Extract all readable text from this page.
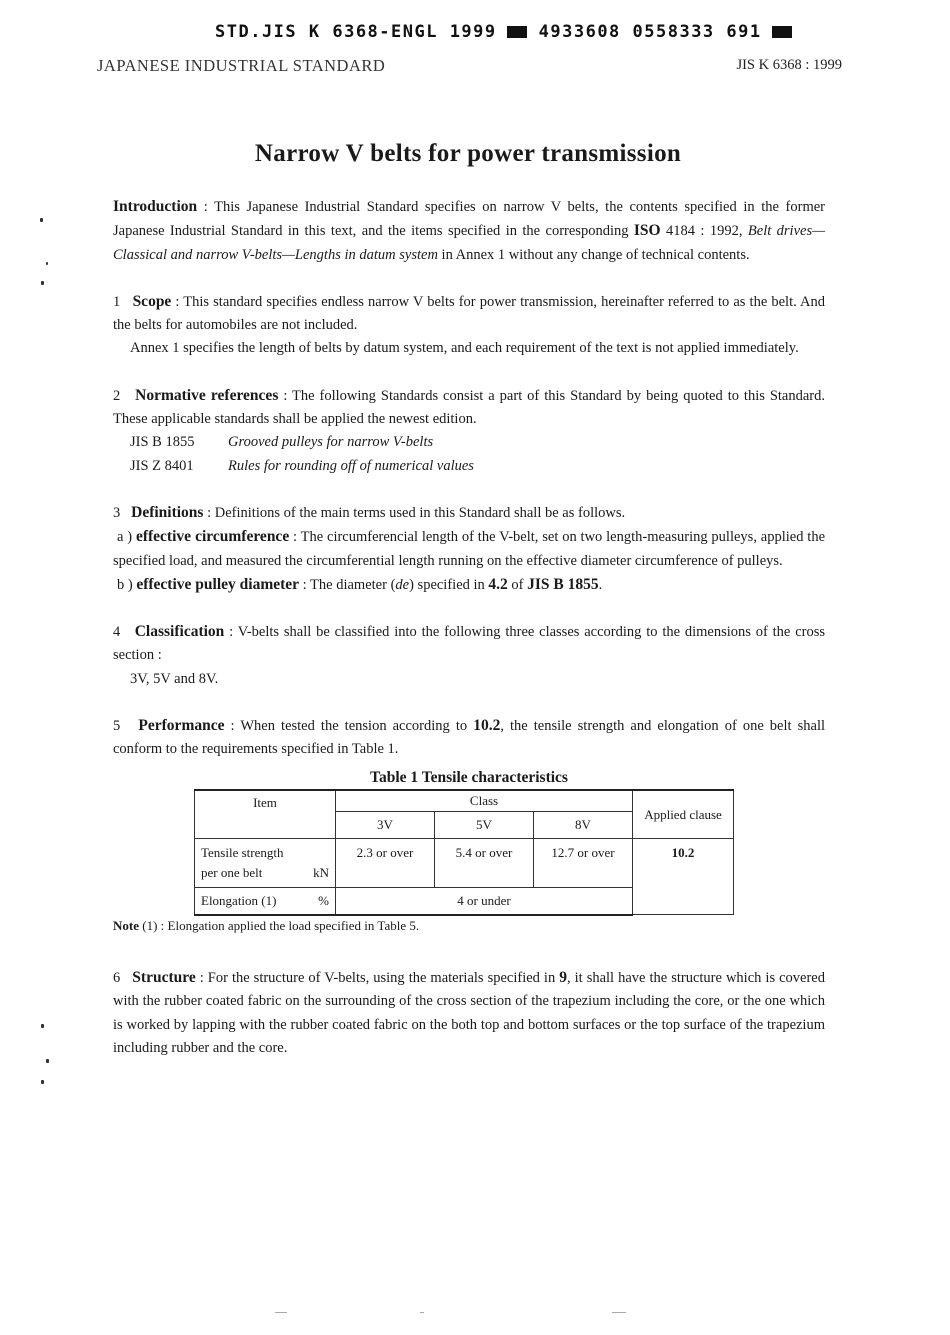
STD.JIS K 6368-ENGL 1999 4933608 0558333 691
JAPANESE INDUSTRIAL STANDARD	JIS K 6368 : 1999
Narrow V belts for power transmission

Introduction : This Japanese Industrial Standard specifies on narrow V belts, the contents specified in the former Japanese Industrial Standard in this text, and the items specified in the corresponding ISO 4184 : 1992, Belt drives—Classical and narrow V-belts—Lengths in datum system in Annex 1 without any change of technical contents.

1 Scope : This standard specifies endless narrow V belts for power transmission, hereinafter referred to as the belt. And the belts for automobiles are not included.

Annex 1 specifies the length of belts by datum system, and each requirement of the text is not applied immediately.

2 Normative references : The following Standards consist a part of this Standard by being quoted to this Standard. These applicable standards shall be applied the newest edition.

JIS B 1855 Grooved pulleys for narrow V-belts

JIS Z 8401 Rules for rounding off of numerical values

3 Definitions : Definitions of the main terms used in this Standard shall be as follows.

a ) effective circumference : The circumferencial length of the V-belt, set on two length-measuring pulleys, applied the specified load, and measured the circumferential length running on the effective diameter circumference of pulleys.

b ) effective pulley diameter : The diameter (de) specified in 4.2 of JIS B 1855.

4 Classification : V-belts shall be classified into the following three classes according to the dimensions of the cross section :

3V, 5V and 8V.

5 Performance : When tested the tension according to 10.2, the tensile strength and elongation of one belt shall conform to the requirements specified in Table 1.

Table 1 Tensile characteristics

Item	Class			Applied clause
	3V	5V	8V	
Tensile strength per one belt kN	2.3 or over	5.4 or over	12.7 or over	10.2
Elongation (1) %	4 or under			

Note (1) : Elongation applied the load specified in Table 5.

6 Structure : For the structure of V-belts, using the materials specified in 9, it shall have the structure which is covered with the rubber coated fabric on the surrounding of the cross section of the trapezium including the core, or the one which is worked by lapping with the rubber coated fabric on the both top and bottom surfaces or the top surface of the trapezium including rubber and the core.
